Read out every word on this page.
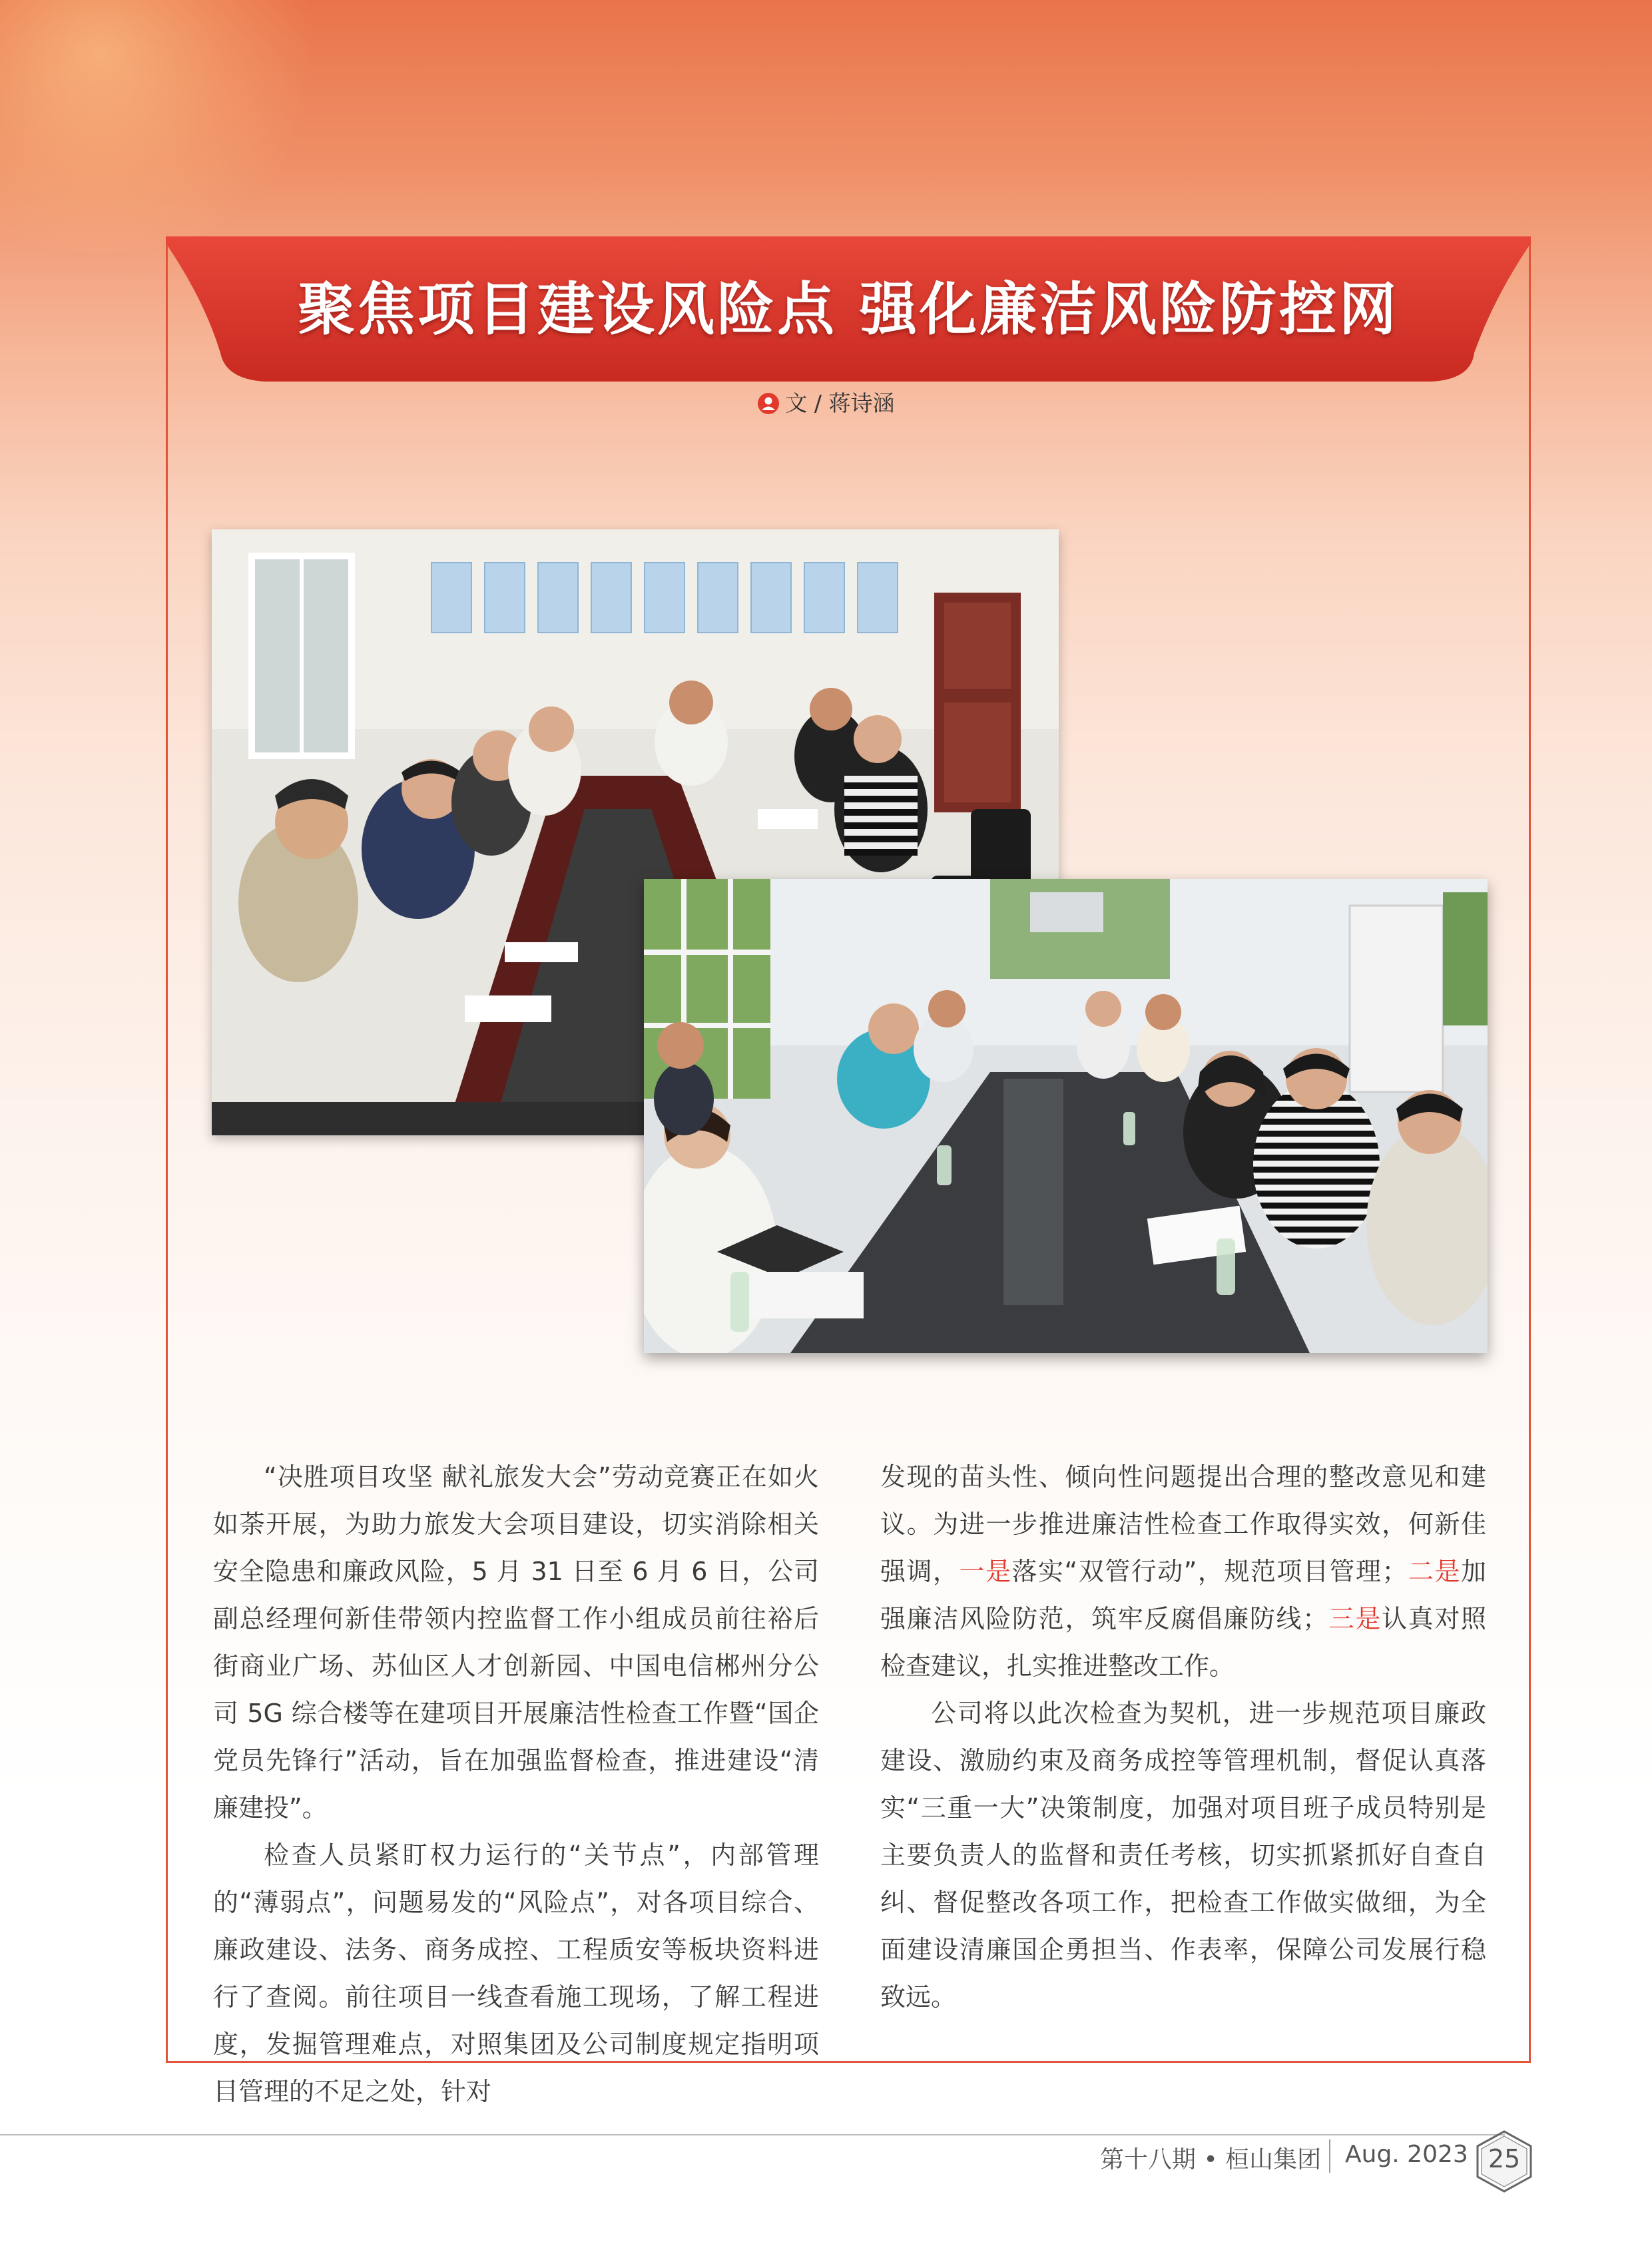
聚焦项目建设风险点 强化廉洁风险防控网
文 / 蒋诗涵

“决胜项目攻坚 献礼旅发大会”劳动竞赛正在如火如荼开展，为助力旅发大会项目建设，切实消除相关安全隐患和廉政风险，5 月 31 日至 6 月 6 日，公司副总经理何新佳带领内控监督工作小组成员前往裕后街商业广场、苏仙区人才创新园、中国电信郴州分公司 5G 综合楼等在建项目开展廉洁性检查工作暨“国企党员先锋行”活动，旨在加强监督检查，推进建设“清廉建投”。

检查人员紧盯权力运行的“关节点”，内部管理的“薄弱点”，问题易发的“风险点”，对各项目综合、廉政建设、法务、商务成控、工程质安等板块资料进行了查阅。前往项目一线查看施工现场，了解工程进度，发掘管理难点，对照集团及公司制度规定指明项目管理的不足之处，针对

发现的苗头性、倾向性问题提出合理的整改意见和建议。为进一步推进廉洁性检查工作取得实效，何新佳强调，一是落实“双管行动”，规范项目管理；二是加强廉洁风险防范，筑牢反腐倡廉防线；三是认真对照检查建议，扎实推进整改工作。

公司将以此次检查为契机，进一步规范项目廉政建设、激励约束及商务成控等管理机制，督促认真落实“三重一大”决策制度，加强对项目班子成员特别是主要负责人的监督和责任考核，切实抓紧抓好自查自纠、督促整改各项工作，把检查工作做实做细，为全面建设清廉国企勇担当、作表率，保障公司发展行稳致远。

第十八期 • 桓山集团 Aug. 2023 25
